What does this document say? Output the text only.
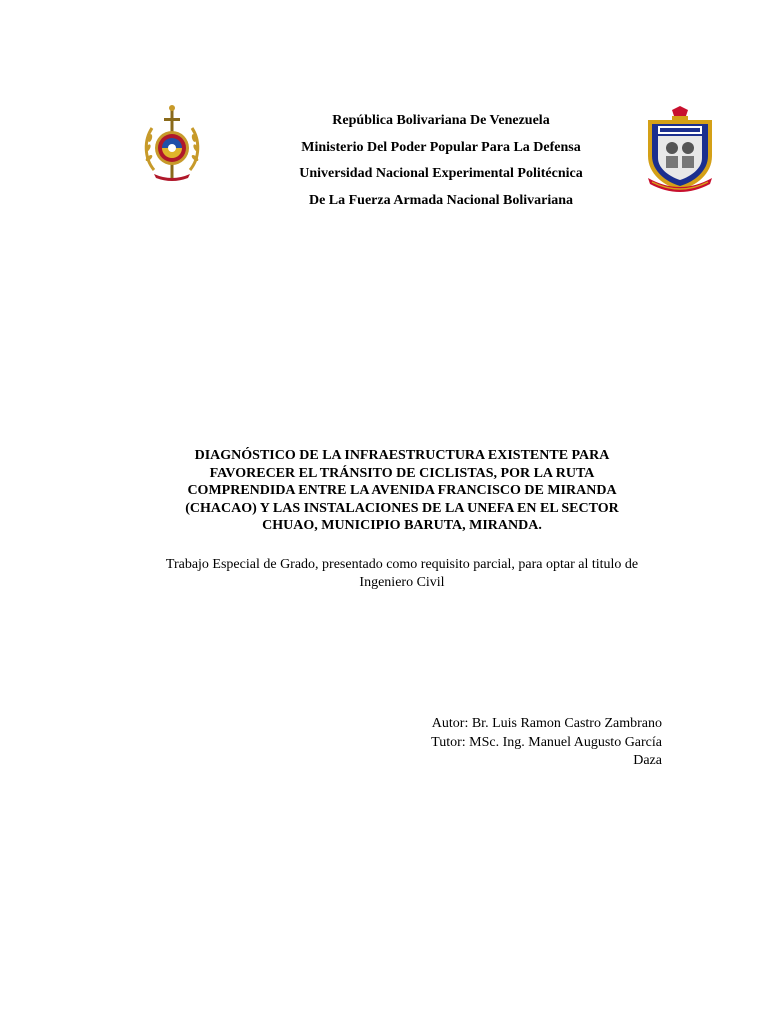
República Bolivariana De Venezuela
Ministerio Del Poder Popular Para La Defensa
Universidad Nacional Experimental Politécnica
De La Fuerza Armada Nacional Bolivariana
DIAGNÓSTICO DE LA INFRAESTRUCTURA EXISTENTE PARA
FAVORECER EL TRÁNSITO DE CICLISTAS, POR LA RUTA
COMPRENDIDA ENTRE LA AVENIDA FRANCISCO DE MIRANDA
(CHACAO) Y LAS INSTALACIONES DE LA UNEFA EN EL SECTOR
CHUAO, MUNICIPIO BARUTA, MIRANDA.
Trabajo Especial de Grado, presentado como requisito parcial, para optar al titulo de
Ingeniero Civil
Autor: Br. Luis Ramon Castro Zambrano
Tutor: MSc. Ing. Manuel Augusto García
Daza
